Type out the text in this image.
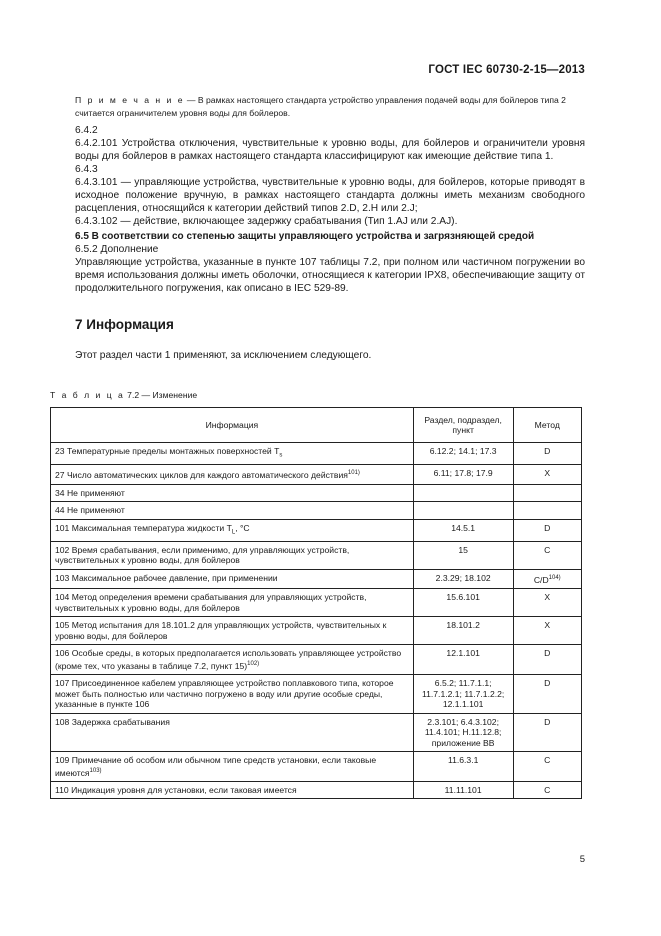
ГОСТ IEC 60730-2-15—2013

П р и м е ч а н и е — В рамках настоящего стандарта устройство управления подачей воды для бойлеров типа 2 считается ограничителем уровня воды для бойлеров.

6.4.2

6.4.2.101 Устройства отключения, чувствительные к уровню воды, для бойлеров и ограничители уровня воды для бойлеров в рамках настоящего стандарта классифицируют как имеющие действие типа 1.

6.4.3

6.4.3.101 — управляющие устройства, чувствительные к уровню воды, для бойлеров, которые приводят в исходное положение вручную, в рамках настоящего стандарта должны иметь механизм свободного расцепления, относящийся к категории действий типов 2.D, 2.H или 2.J;

6.4.3.102 — действие, включающее задержку срабатывания (Тип 1.AJ или 2.AJ).

6.5 В соответствии со степенью защиты управляющего устройства и загрязняющей средой

6.5.2 Дополнение

Управляющие устройства, указанные в пункте 107 таблицы 7.2, при полном или частичном погружении во время использования должны иметь оболочки, относящиеся к категории IPX8, обеспечивающие защиту от продолжительного погружения, как описано в IEC 529-89.

7 Информация

Этот раздел части 1 применяют, за исключением следующего.

Т а б л и ц а 7.2 — Изменение
Информация	Раздел, подраздел, пункт	Метод
23 Температурные пределы монтажных поверхностей $T_s$	6.12.2; 14.1; 17.3	D
27 Число автоматических циклов для каждого автоматического действия$^{101)}$	6.11; 17.8; 17.9	X
34 Не применяют		
44 Не применяют		
101 Максимальная температура жидкости $T_L$, °C	14.5.1	D
102 Время срабатывания, если применимо, для управляющих устройств, чувствительных к уровню воды, для бойлеров	15	C
103 Максимальное рабочее давление, при применении	2.3.29; 18.102	$C/D^{104)}$
104 Метод определения времени срабатывания для управляющих устройств, чувствительных к уровню воды, для бойлеров	15.6.101	X
105 Метод испытания для 18.101.2 для управляющих устройств, чувствительных к уровню воды, для бойлеров	18.101.2	X
106 Особые среды, в которых предполагается использовать управляющее устройство (кроме тех, что указаны в таблице 7.2, пункт 15)$^{102)}$	12.1.101	D
107 Присоединенное кабелем управляющее устройство поплавкового типа, которое может быть полностью или частично погружено в воду или другие особые среды, указанные в пункте 106	6.5.2; 11.7.1.1; 11.7.1.2.1; 11.7.1.2.2; 12.1.1.101	D
108 Задержка срабатывания	2.3.101; 6.4.3.102; 11.4.101; H.11.12.8; приложение ВВ	D
109 Примечание об особом или обычном типе средств установки, если таковые имеются$^{103)}$	11.6.3.1	C
110 Индикация уровня для установки, если таковая имеется	11.11.101	C
5
